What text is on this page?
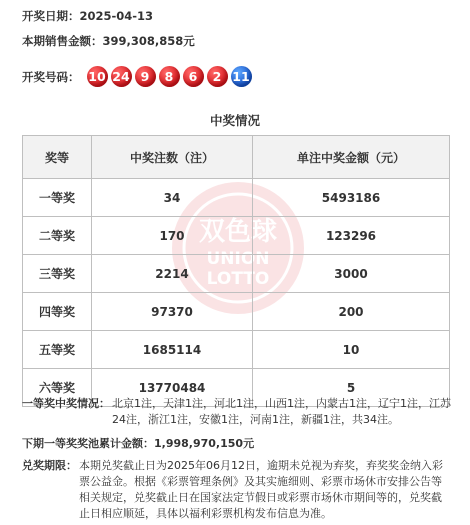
开奖日期：2025-04-13
本期销售金额：399,308,858元
开奖号码： 10 24 9	8	6	2 11
中奖情况
双色球
UNION
LOTTO
奖等	中奖注数（注）	单注中奖金额（元）
一等奖	34	5493186
二等奖	170	123296
三等奖	2214	3000
四等奖	97370	200
五等奖	1685114	10
六等奖	13770484	5
一等奖中奖情况： 北京1注，天津1注，河北1注，山西1注，内蒙古1注，辽宁1注，江苏24注，浙江1注，安徽1注，河南1注，新疆1注，共34注。
下期一等奖奖池累计金额：1,998,970,150元
兑奖期限： 本期兑奖截止日为2025年06月12日，逾期未兑视为弃奖，弃奖奖金纳入彩票公益金。根据《彩票管理条例》及其实施细则、彩票市场休市安排公告等相关规定，兑奖截止日在国家法定节假日或彩票市场休市期间等的，兑奖截止日相应顺延，具体以福利彩票机构发布信息为准。
